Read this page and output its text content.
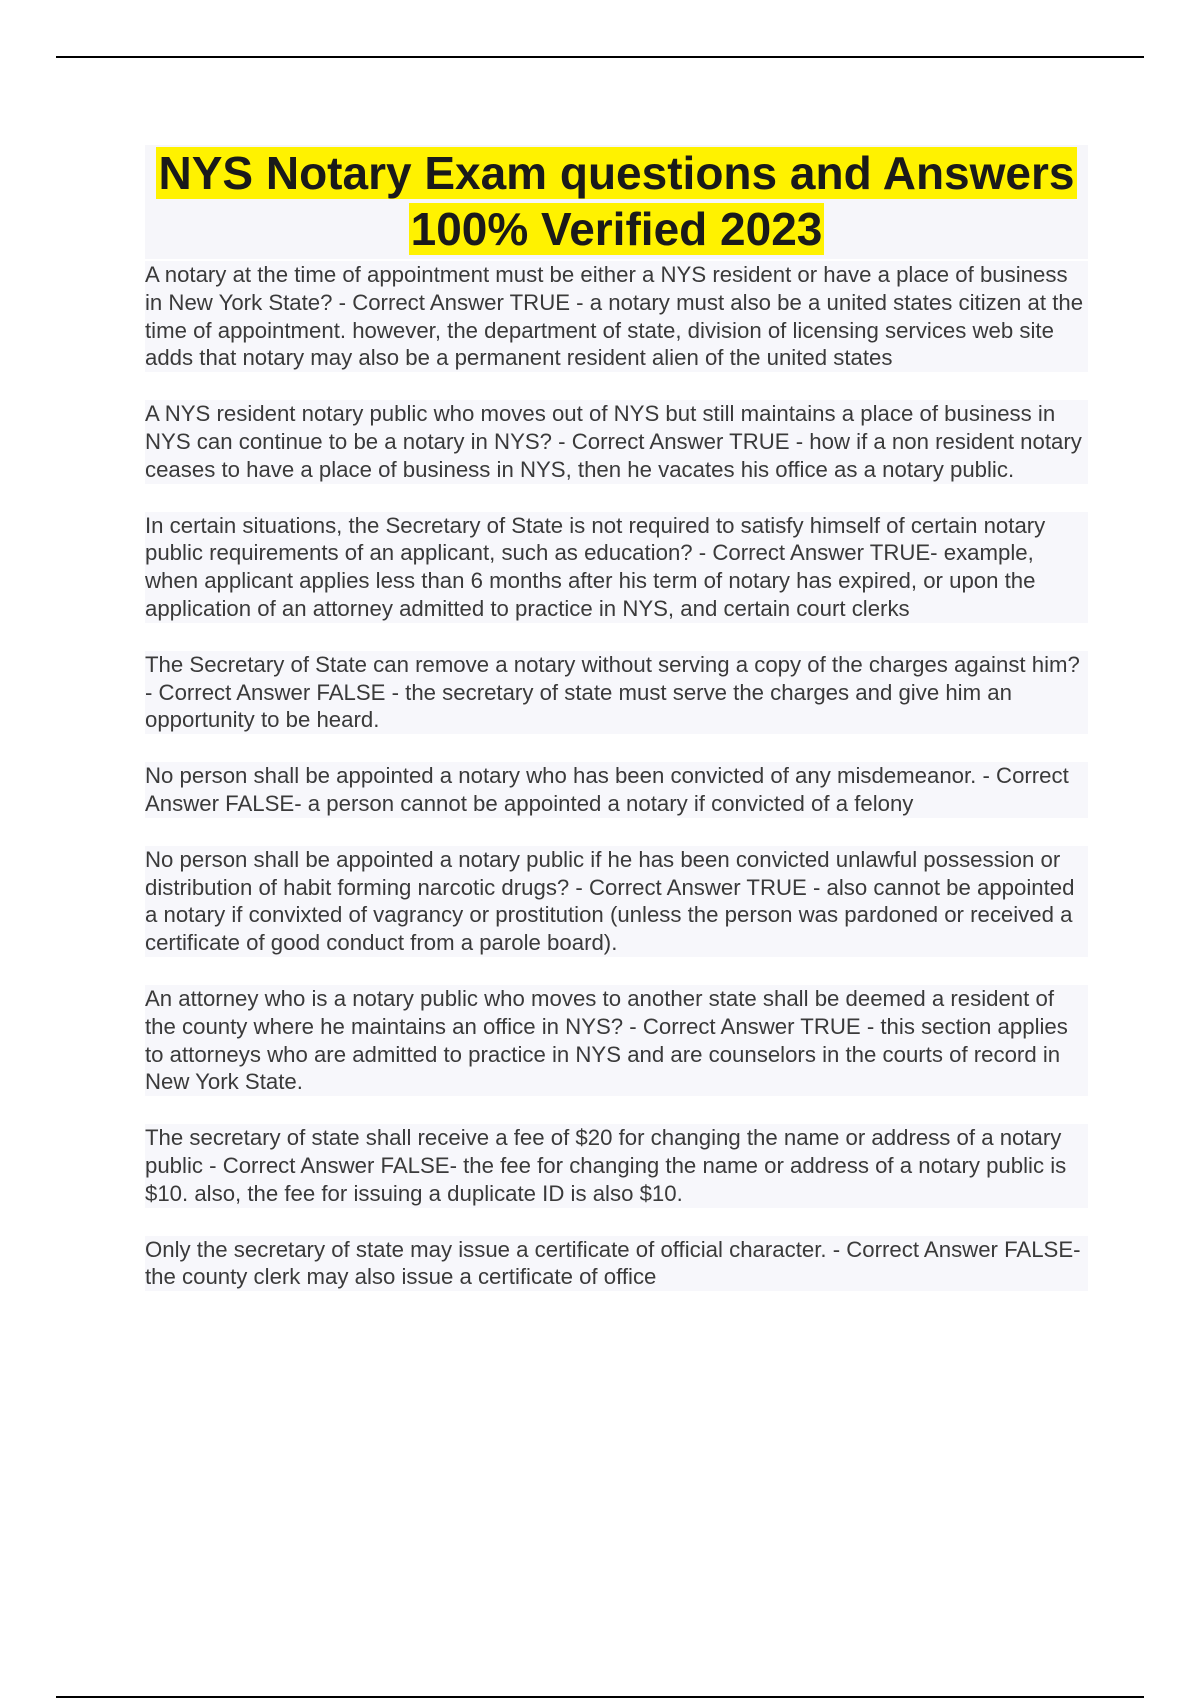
NYS Notary Exam questions and Answers 100% Verified 2023

A notary at the time of appointment must be either a NYS resident or have a place of business in New York State? - Correct Answer TRUE - a notary must also be a united states citizen at the time of appointment. however, the department of state, division of licensing services web site adds that notary may also be a permanent resident alien of the united states

A NYS resident notary public who moves out of NYS but still maintains a place of business in NYS can continue to be a notary in NYS? - Correct Answer TRUE - how if a non resident notary ceases to have a place of business in NYS, then he vacates his office as a notary public.

In certain situations, the Secretary of State is not required to satisfy himself of certain notary public requirements of an applicant, such as education? - Correct Answer TRUE- example, when applicant applies less than 6 months after his term of notary has expired, or upon the application of an attorney admitted to practice in NYS, and certain court clerks

The Secretary of State can remove a notary without serving a copy of the charges against him? - Correct Answer FALSE - the secretary of state must serve the charges and give him an opportunity to be heard.

No person shall be appointed a notary who has been convicted of any misdemeanor. - Correct Answer FALSE- a person cannot be appointed a notary if convicted of a felony

No person shall be appointed a notary public if he has been convicted unlawful possession or distribution of habit forming narcotic drugs? - Correct Answer TRUE - also cannot be appointed a notary if convixted of vagrancy or prostitution (unless the person was pardoned or received a certificate of good conduct from a parole board).

An attorney who is a notary public who moves to another state shall be deemed a resident of the county where he maintains an office in NYS? - Correct Answer TRUE - this section applies to attorneys who are admitted to practice in NYS and are counselors in the courts of record in New York State.

The secretary of state shall receive a fee of $20 for changing the name or address of a notary public - Correct Answer FALSE- the fee for changing the name or address of a notary public is $10. also, the fee for issuing a duplicate ID is also $10.

Only the secretary of state may issue a certificate of official character. - Correct Answer FALSE- the county clerk may also issue a certificate of office
